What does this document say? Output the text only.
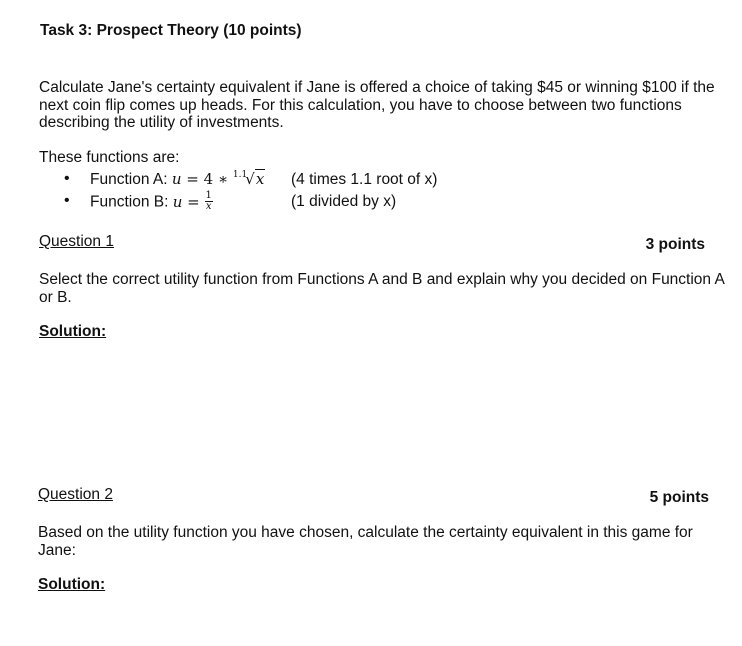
Task 3: Prospect Theory (10 points)
Calculate Jane's certainty equivalent if Jane is offered a choice of taking $45 or winning $100 if the next coin flip comes up heads. For this calculation, you have to choose between two functions describing the utility of investments.
These functions are:
• Function A: u = 4 ∗ $^{1.1}$√x (4 times 1.1 root of x)
• Function B: $u = \frac{1}{x}$	(1 divided by x)
Question 1	3 points
Select the correct utility function from Functions A and B and explain why you decided on Function A or B.
Solution:
Question 2	5 points
Based on the utility function you have chosen, calculate the certainty equivalent in this game for Jane:
Solution:
